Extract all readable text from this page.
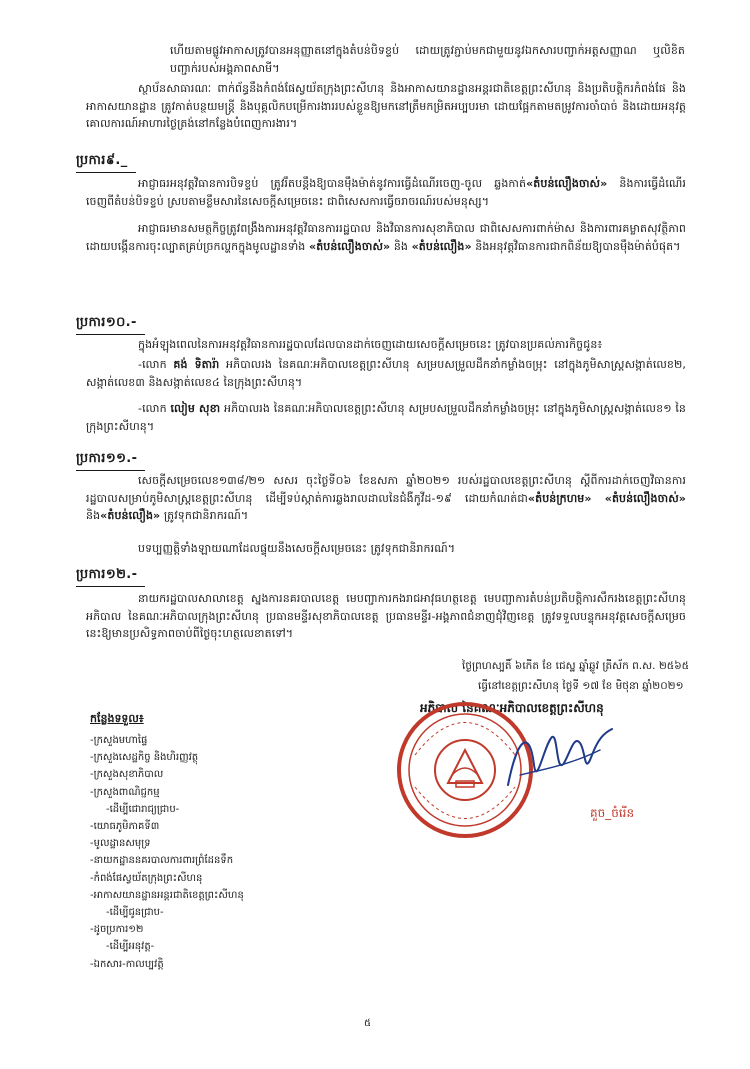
ហើយតាមផ្លូវអាកាសត្រូវបានអនុញ្ញាតនៅក្នុងតំបន់បិទខ្ទប់ ដោយត្រូវភ្ជាប់មកជាមួយនូវឯកសារបញ្ជាក់អត្តសញ្ញាណ ឬលិខិតបញ្ជាក់របស់អង្គភាពសាមី។

ស្ថាប័នសាធារណៈ ពាក់ព័ន្ធនឹងកំពង់ផែស្វយ័តក្រុងព្រះសីហនុ និងអាកាសយានដ្ឋានអន្តរជាតិខេត្តព្រះសីហនុ និងប្រតិបត្តិករកំពង់ផែ និងអាកាសយានដ្ឋាន ត្រូវកាត់បន្ថយមន្ត្រី និងបុគ្គលិកបម្រើការងាររបស់ខ្លួនឱ្យមកនៅត្រឹមកម្រិតអប្បបរមា ដោយផ្អែកតាមតម្រូវការចាំបាច់ និងដោយអនុវត្តគោលការណ៍អាហារថ្ងៃត្រង់នៅកន្លែងបំពេញការងារ។

ប្រការ៩._

អាជ្ញាធរអនុវត្តវិធានការបិទខ្ទប់ ត្រូវរឹតបន្តឹងឱ្យបានម៉ឹងម៉ាត់នូវការធ្វើដំណើរចេញ-ចូល ឆ្លងកាត់«តំបន់លឿងចាស់» និងការធ្វើដំណើរចេញពីតំបន់បិទខ្ទប់ ស្របតាមខ្លឹមសារនៃសេចក្តីសម្រេចនេះ ជាពិសេសការធ្វើចរាចរណ៍របស់មនុស្ស។

អាជ្ញាធរមានសមត្ថកិច្ចត្រូវពង្រឹងការអនុវត្តវិធានការរដ្ឋបាល និងវិធានការសុខាភិបាល ជាពិសេសការពាក់ម៉ាស និងការពារគម្លាតសុវត្ថិភាព ដោយបង្កើនការចុះល្បាតគ្រប់ច្រកល្ហកក្នុងមូលដ្ឋានទាំង «តំបន់លឿងចាស់» និង «តំបន់លឿង» និងអនុវត្តវិធានការជាកពិន័យឱ្យបានម៉ឹងម៉ាត់បំផុត។

ប្រការ១០.-

ក្នុងអំឡុងពេលនៃការអនុវត្តវិធានការរដ្ឋបាលដែលបានដាក់ចេញដោយសេចក្តីសម្រេចនេះ ត្រូវបានប្រគល់ភារកិច្ចជូន៖

-លោក គង់ ទិតារ៉ា អភិបាលរង នៃគណៈអភិបាលខេត្តព្រះសីហនុ សម្របសម្រួលដឹកនាំកម្លាំងចម្រុះ នៅក្នុងភូមិសាស្រ្តសង្កាត់លេខ២, សង្កាត់លេខ៣ និងសង្កាត់លេខ៤ នៃក្រុងព្រះសីហនុ។

-លោក លៀម សុខា អភិបាលរង នៃគណៈអភិបាលខេត្តព្រះសីហនុ សម្របសម្រួលដឹកនាំកម្លាំងចម្រុះ នៅក្នុងភូមិសាស្រ្តសង្កាត់លេខ១ នៃក្រុងព្រះសីហនុ។

ប្រការ១១.-

សេចក្តីសម្រេចលេខ១៣៨/២១ សសរ ចុះថ្ងៃទី០៦ ខែឧសភា ឆ្នាំ២០២១ របស់រដ្ឋបាលខេត្តព្រះសីហនុ ស្តីពីការដាក់ចេញវិធានការរដ្ឋបាលសម្រាប់ភូមិសាស្ត្រខេត្តព្រះសីហនុ ដើម្បីទប់ស្កាត់ការឆ្លងរាលដាលនៃជំងឺកូវីដ-១៩ ដោយកំណត់ជា«តំបន់ក្រហម» «តំបន់លឿងចាស់» និង«តំបន់លឿង» ត្រូវទុកជានិរាករណ៍។

បទប្បញ្ញត្តិទាំងឡាយណាដែលផ្ទុយនឹងសេចក្តីសម្រេចនេះ ត្រូវទុកជានិរាករណ៍។

ប្រការ១២.-

នាយករដ្ឋបាលសាលាខេត្ត ស្នងការនគរបាលខេត្ត មេបញ្ជាការកងរាជអាវុធហត្ថខេត្ត មេបញ្ជាការតំបន់ប្រតិបត្តិការសឹករងខេត្តព្រះសីហនុ អភិបាល នៃគណៈអភិបាលក្រុងព្រះសីហនុ ប្រធានមន្ទីរសុខាភិបាលខេត្ត ប្រធានមន្ទីរ-អង្គភាពជំនាញជុំវិញខេត្ត ត្រូវទទួលបន្ទុកអនុវត្តសេចក្តីសម្រេចនេះឱ្យមានប្រសិទ្ធភាពចាប់ពីថ្ងៃចុះហត្ថលេខាតទៅ។

ថ្ងៃព្រហស្បតិ៍ ៦កើត ខែ ជេស្ឋ ឆ្នាំឆ្លូវ ត្រីស័ក ព.ស. ២៥៦៥
ធ្វើនៅខេត្តព្រះសីហនុ ថ្ងៃទី ១៧ ខែ មិថុនា ឆ្នាំ២០២១
អភិបាល នៃគណៈអភិបាលខេត្តព្រះសីហនុ
គួច_ចំរើន

កន្លែងទទួល៖

-ក្រសួងមហាផ្ទៃ

-ក្រសួងសេដ្ឋកិច្ច និងហិរញ្ញវត្ថុ

-ក្រសួងសុខាភិបាល

-ក្រសួងពាណិជ្ជកម្ម

-ដើម្បីជោរាជ្យជ្រាប-

-យោធភូមិភាគទី៣

-មូលដ្ឋានសមុទ្រ

-នាយកដ្ឋាននគរបាលការពារព្រំដែនទឹក

-កំពង់ផែស្វយ័តក្រុងព្រះសីហនុ

-អាកាសយានដ្ឋានអន្តរជាតិខេត្តព្រះសីហនុ

-ដើម្បីជូនជ្រាប-

-ដូចប្រការ១២

-ដើម្បីអនុវត្ត-

-ឯកសារ-កាលប្បវត្តិ

៥
